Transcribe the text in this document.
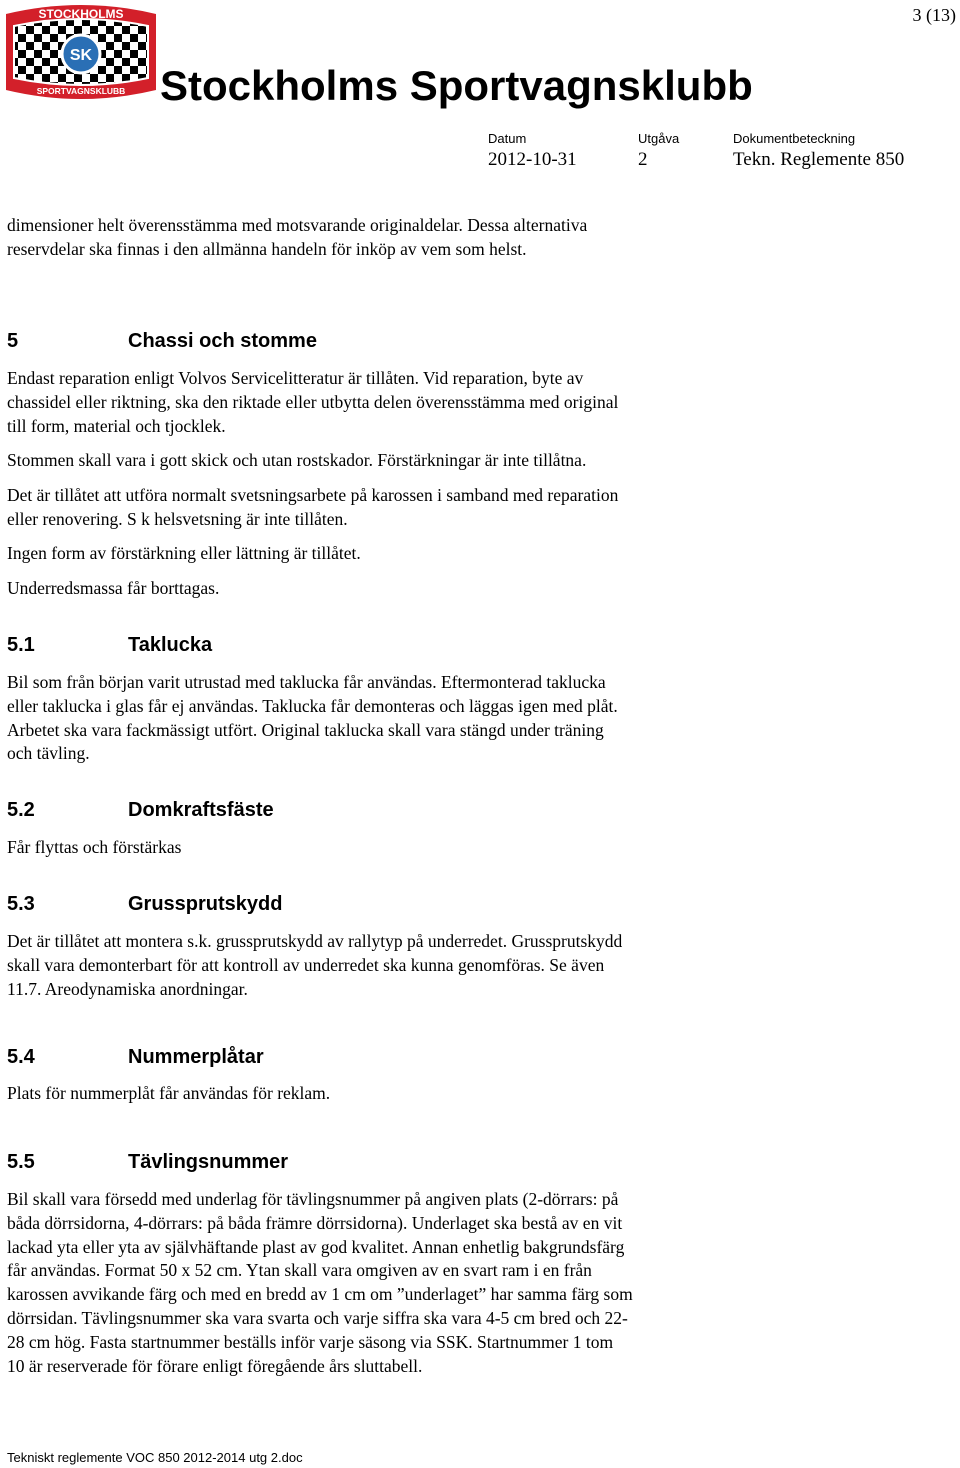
SK
STOCKHOLMS
SPORTVAGNSKLUBB
3 (13)
Stockholms Sportvagnsklubb
Datum	Utgåva	Dokumentbeteckning
2012-10-31	2	Tekn. Reglemente 850

dimensioner helt överensstämma med motsvarande originaldelar. Dessa alternativa
reservdelar ska finnas i den allmänna handeln för inköp av vem som helst.

5	Chassi och stomme

Endast reparation enligt Volvos Servicelitteratur är tillåten. Vid reparation, byte av
chassidel eller riktning, ska den riktade eller utbytta delen överensstämma med original
till form, material och tjocklek.

Stommen skall vara i gott skick och utan rostskador. Förstärkningar är inte tillåtna.

Det är tillåtet att utföra normalt svetsningsarbete på karossen i samband med reparation
eller renovering. S k helsvetsning är inte tillåten.

Ingen form av förstärkning eller lättning är tillåtet.

Underredsmassa får borttagas.

5.1	Taklucka

Bil som från början varit utrustad med taklucka får användas. Eftermonterad taklucka
eller taklucka i glas får ej användas. Taklucka får demonteras och läggas igen med plåt.
Arbetet ska vara fackmässigt utfört. Original taklucka skall vara stängd under träning
och tävling.

5.2	Domkraftsfäste

Får flyttas och förstärkas

5.3	Grussprutskydd

Det är tillåtet att montera s.k. grussprutskydd av rallytyp på underredet. Grussprutskydd
skall vara demonterbart för att kontroll av underredet ska kunna genomföras. Se även
11.7. Areodynamiska anordningar.

5.4	Nummerplåtar

Plats för nummerplåt får användas för reklam.

5.5	Tävlingsnummer

Bil skall vara försedd med underlag för tävlingsnummer på angiven plats (2-dörrars: på
båda dörrsidorna, 4-dörrars: på båda främre dörrsidorna). Underlaget ska bestå av en vit
lackad yta eller yta av självhäftande plast av god kvalitet. Annan enhetlig bakgrundsfärg
får användas. Format 50 x 52 cm. Ytan skall vara omgiven av en svart ram i en från
karossen avvikande färg och med en bredd av 1 cm om ”underlaget” har samma färg som
dörrsidan. Tävlingsnummer ska vara svarta och varje siffra ska vara 4-5 cm bred och 22-
28 cm hög. Fasta startnummer beställs inför varje säsong via SSK. Startnummer 1 tom
10 är reserverade för förare enligt föregående års sluttabell.

Tekniskt reglemente VOC 850 2012-2014 utg 2.doc
